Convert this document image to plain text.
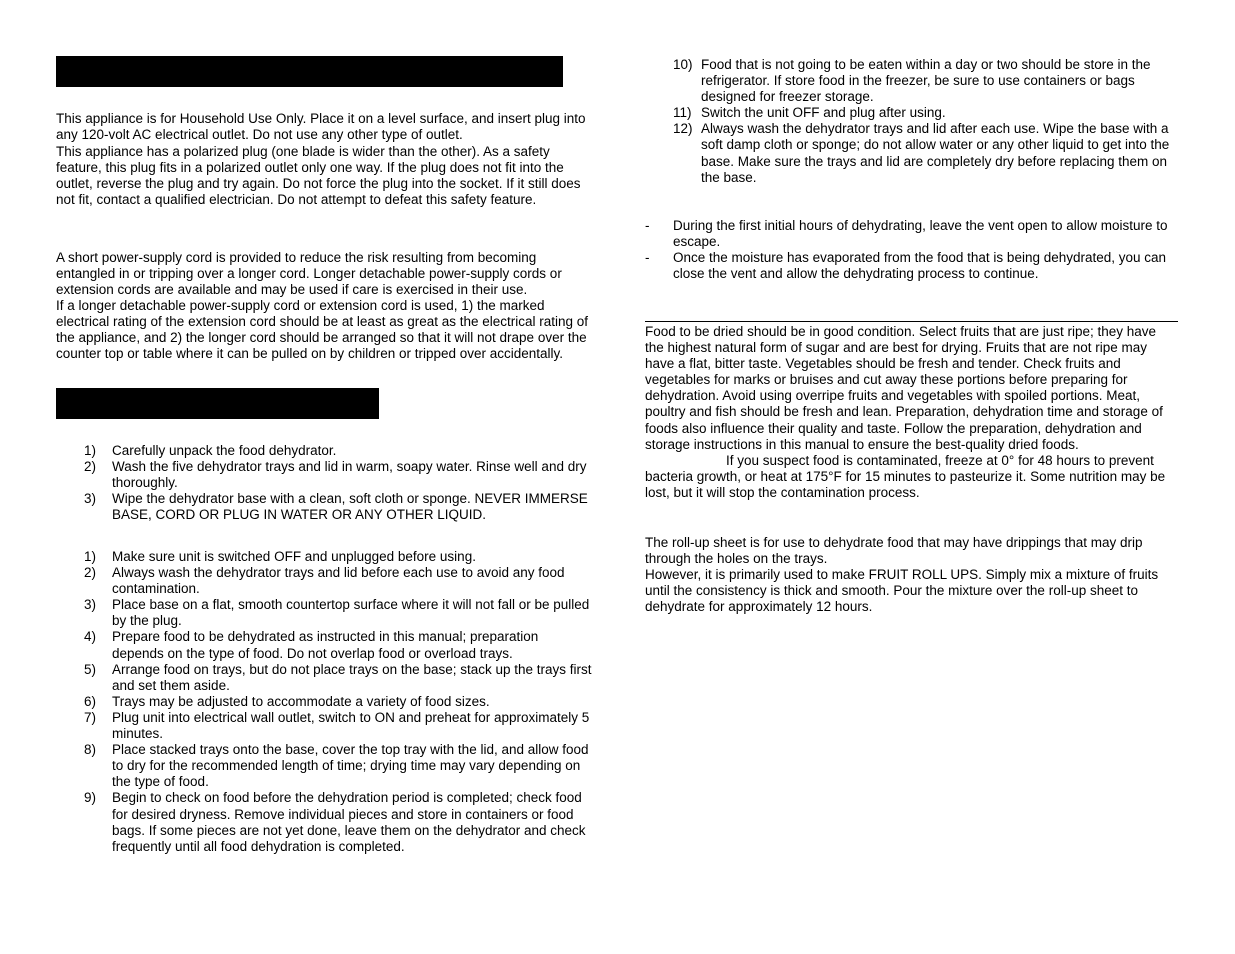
This appliance is for Household Use Only. Place it on a level surface, and insert plug into any 120-volt AC electrical outlet. Do not use any other type of outlet.

This appliance has a polarized plug (one blade is wider than the other). As a safety feature, this plug fits in a polarized outlet only one way. If the plug does not fit into the outlet, reverse the plug and try again. Do not force the plug into the socket. If it still does not fit, contact a qualified electrician. Do not attempt to defeat this safety feature.

A short power-supply cord is provided to reduce the risk resulting from becoming entangled in or tripping over a longer cord. Longer detachable power-supply cords or extension cords are available and may be used if care is exercised in their use.

If a longer detachable power-supply cord or extension cord is used, 1) the marked electrical rating of the extension cord should be at least as great as the electrical rating of the appliance, and 2) the longer cord should be arranged so that it will not drape over the counter top or table where it can be pulled on by children or tripped over accidentally.

1) Carefully unpack the food dehydrator.
2) Wash the five dehydrator trays and lid in warm, soapy water. Rinse well and dry thoroughly.
3) Wipe the dehydrator base with a clean, soft cloth or sponge. NEVER IMMERSE BASE, CORD OR PLUG IN WATER OR ANY OTHER LIQUID.
1) Make sure unit is switched OFF and unplugged before using.
2) Always wash the dehydrator trays and lid before each use to avoid any food contamination.
3) Place base on a flat, smooth countertop surface where it will not fall or be pulled by the plug.
4) Prepare food to be dehydrated as instructed in this manual; preparation depends on the type of food. Do not overlap food or overload trays.
5) Arrange food on trays, but do not place trays on the base; stack up the trays first and set them aside.
6) Trays may be adjusted to accommodate a variety of food sizes.
7) Plug unit into electrical wall outlet, switch to ON and preheat for approximately 5 minutes.
8) Place stacked trays onto the base, cover the top tray with the lid, and allow food to dry for the recommended length of time; drying time may vary depending on the type of food.
9) Begin to check on food before the dehydration period is completed; check food for desired dryness. Remove individual pieces and store in containers or food bags. If some pieces are not yet done, leave them on the dehydrator and check frequently until all food dehydration is completed.
10) Food that is not going to be eaten within a day or two should be store in the refrigerator. If store food in the freezer, be sure to use containers or bags designed for freezer storage.
11) Switch the unit OFF and plug after using.
12) Always wash the dehydrator trays and lid after each use. Wipe the base with a soft damp cloth or sponge; do not allow water or any other liquid to get into the base. Make sure the trays and lid are completely dry before replacing them on the base.
- During the first initial hours of dehydrating, leave the vent open to allow moisture to escape.
- Once the moisture has evaporated from the food that is being dehydrated, you can close the vent and allow the dehydrating process to continue.

Food to be dried should be in good condition. Select fruits that are just ripe; they have the highest natural form of sugar and are best for drying. Fruits that are not ripe may have a flat, bitter taste. Vegetables should be fresh and tender. Check fruits and vegetables for marks or bruises and cut away these portions before preparing for dehydration. Avoid using overripe fruits and vegetables with spoiled portions. Meat, poultry and fish should be fresh and lean. Preparation, dehydration time and storage of foods also influence their quality and taste. Follow the preparation, dehydration and storage instructions in this manual to ensure the best-quality dried foods.

If you suspect food is contaminated, freeze at 0° for 48 hours to prevent bacteria growth, or heat at 175°F for 15 minutes to pasteurize it. Some nutrition may be lost, but it will stop the contamination process.

The roll-up sheet is for use to dehydrate food that may have drippings that may drip through the holes on the trays.

However, it is primarily used to make FRUIT ROLL UPS. Simply mix a mixture of fruits until the consistency is thick and smooth. Pour the mixture over the roll-up sheet to dehydrate for approximately 12 hours.
